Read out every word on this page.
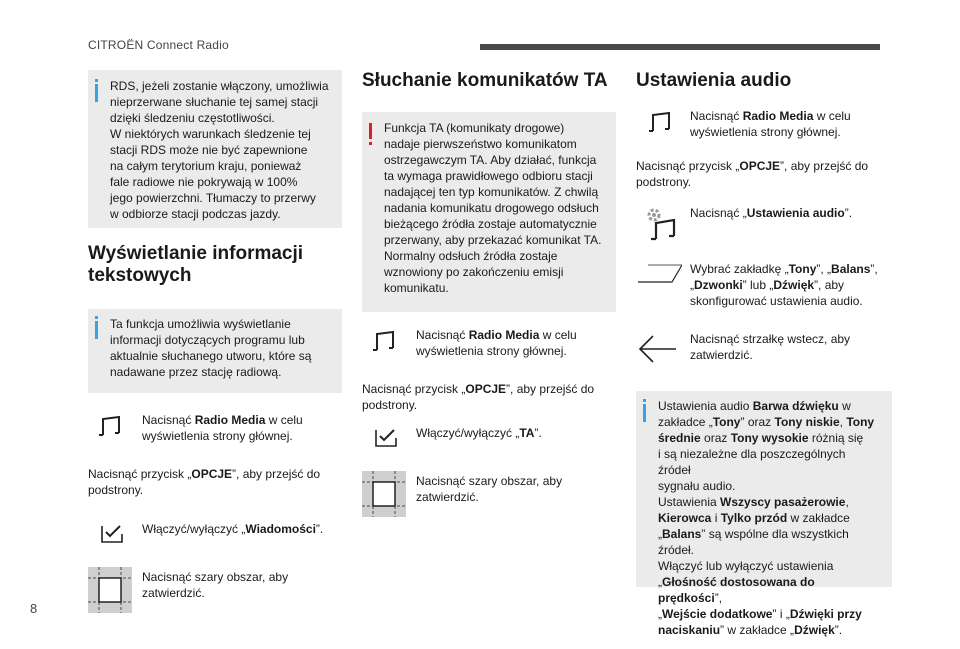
CITROËN Connect Radio
RDS, jeżeli zostanie włączony, umożliwia
nieprzerwane słuchanie tej samej stacji
dzięki śledzeniu częstotliwości.
W niektórych warunkach śledzenie tej
stacji RDS może nie być zapewnione
na całym terytorium kraju, ponieważ
fale radiowe nie pokrywają w 100%
jego powierzchni. Tłumaczy to przerwy
w odbiorze stacji podczas jazdy.
Wyświetlanie informacji
tekstowych
Ta funkcja umożliwia wyświetlanie
informacji dotyczących programu lub
aktualnie słuchanego utworu, które są
nadawane przez stację radiową.
Nacisnąć Radio Media w celu
wyświetlenia strony głównej.
Nacisnąć przycisk „OPCJE”, aby przejść do
podstrony.
Włączyć/wyłączyć „Wiadomości”.
Nacisnąć szary obszar, aby
zatwierdzić.
Słuchanie komunikatów TA
Funkcja TA (komunikaty drogowe)
nadaje pierwszeństwo komunikatom
ostrzegawczym TA. Aby działać, funkcja
ta wymaga prawidłowego odbioru stacji
nadającej ten typ komunikatów. Z chwilą
nadania komunikatu drogowego odsłuch
bieżącego źródła zostaje automatycznie
przerwany, aby przekazać komunikat TA.
Normalny odsłuch źródła zostaje
wznowiony po zakończeniu emisji
komunikatu.
Nacisnąć Radio Media w celu
wyświetlenia strony głównej.
Nacisnąć przycisk „OPCJE”, aby przejść do
podstrony.
Włączyć/wyłączyć „TA”.
Nacisnąć szary obszar, aby
zatwierdzić.
Ustawienia audio
Nacisnąć Radio Media w celu
wyświetlenia strony głównej.
Nacisnąć przycisk „OPCJE”, aby przejść do
podstrony.
Nacisnąć „Ustawienia audio”.
Wybrać zakładkę „Tony”, „Balans”,
„Dzwonki” lub „Dźwięk”, aby
skonfigurować ustawienia audio.
Nacisnąć strzałkę wstecz, aby
zatwierdzić.
Ustawienia audio Barwa dźwięku w
zakładce „Tony” oraz Tony niskie, Tony
średnie oraz Tony wysokie różnią się
i są niezależne dla poszczególnych źródeł
sygnału audio.
Ustawienia Wszyscy pasażerowie,
Kierowca i Tylko przód w zakładce
„Balans” są wspólne dla wszystkich źródeł.
Włączyć lub wyłączyć ustawienia
„Głośność dostosowana do prędkości”,
„Wejście dodatkowe” i „Dźwięki przy
naciskaniu” w zakładce „Dźwięk”.
8
